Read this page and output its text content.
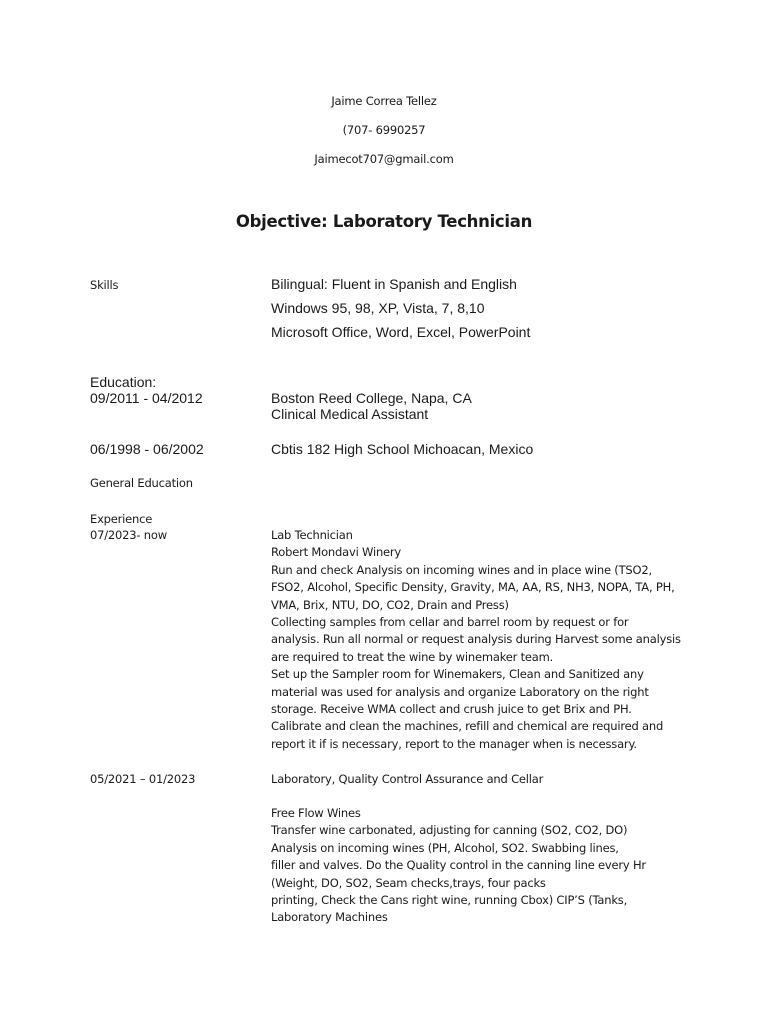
Jaime Correa Tellez
(707- 6990257
Jaimecot707@gmail.com
Objective: Laboratory Technician
Skills	Bilingual: Fluent in Spanish and English
Windows 95, 98, XP, Vista, 7, 8,10
Microsoft Office, Word, Excel, PowerPoint
Education:
09/2011 - 04/2012	Boston Reed College, Napa, CA
Clinical Medical Assistant
06/1998 - 06/2002	Cbtis 182 High School Michoacan, Mexico
General Education
Experience
07/2023- now	Lab Technician
Robert Mondavi Winery
Run and check Analysis on incoming wines and in place wine (TSO2,
FSO2, Alcohol, Specific Density, Gravity, MA, AA, RS, NH3, NOPA, TA, PH,
VMA, Brix, NTU, DO, CO2, Drain and Press)
Collecting samples from cellar and barrel room by request or for
analysis. Run all normal or request analysis during Harvest some analysis
are required to treat the wine by winemaker team.
Set up the Sampler room for Winemakers, Clean and Sanitized any
material was used for analysis and organize Laboratory on the right
storage. Receive WMA collect and crush juice to get Brix and PH.
Calibrate and clean the machines, refill and chemical are required and
report it if is necessary, report to the manager when is necessary.
05/2021 – 01/2023	Laboratory, Quality Control Assurance and Cellar
Free Flow Wines
Transfer wine carbonated, adjusting for canning (SO2, CO2, DO)
Analysis on incoming wines (PH, Alcohol, SO2. Swabbing lines,
filler and valves. Do the Quality control in the canning line every Hr
(Weight, DO, SO2, Seam checks,trays, four packs
printing, Check the Cans right wine, running Cbox) CIP’S (Tanks,
Laboratory Machines
